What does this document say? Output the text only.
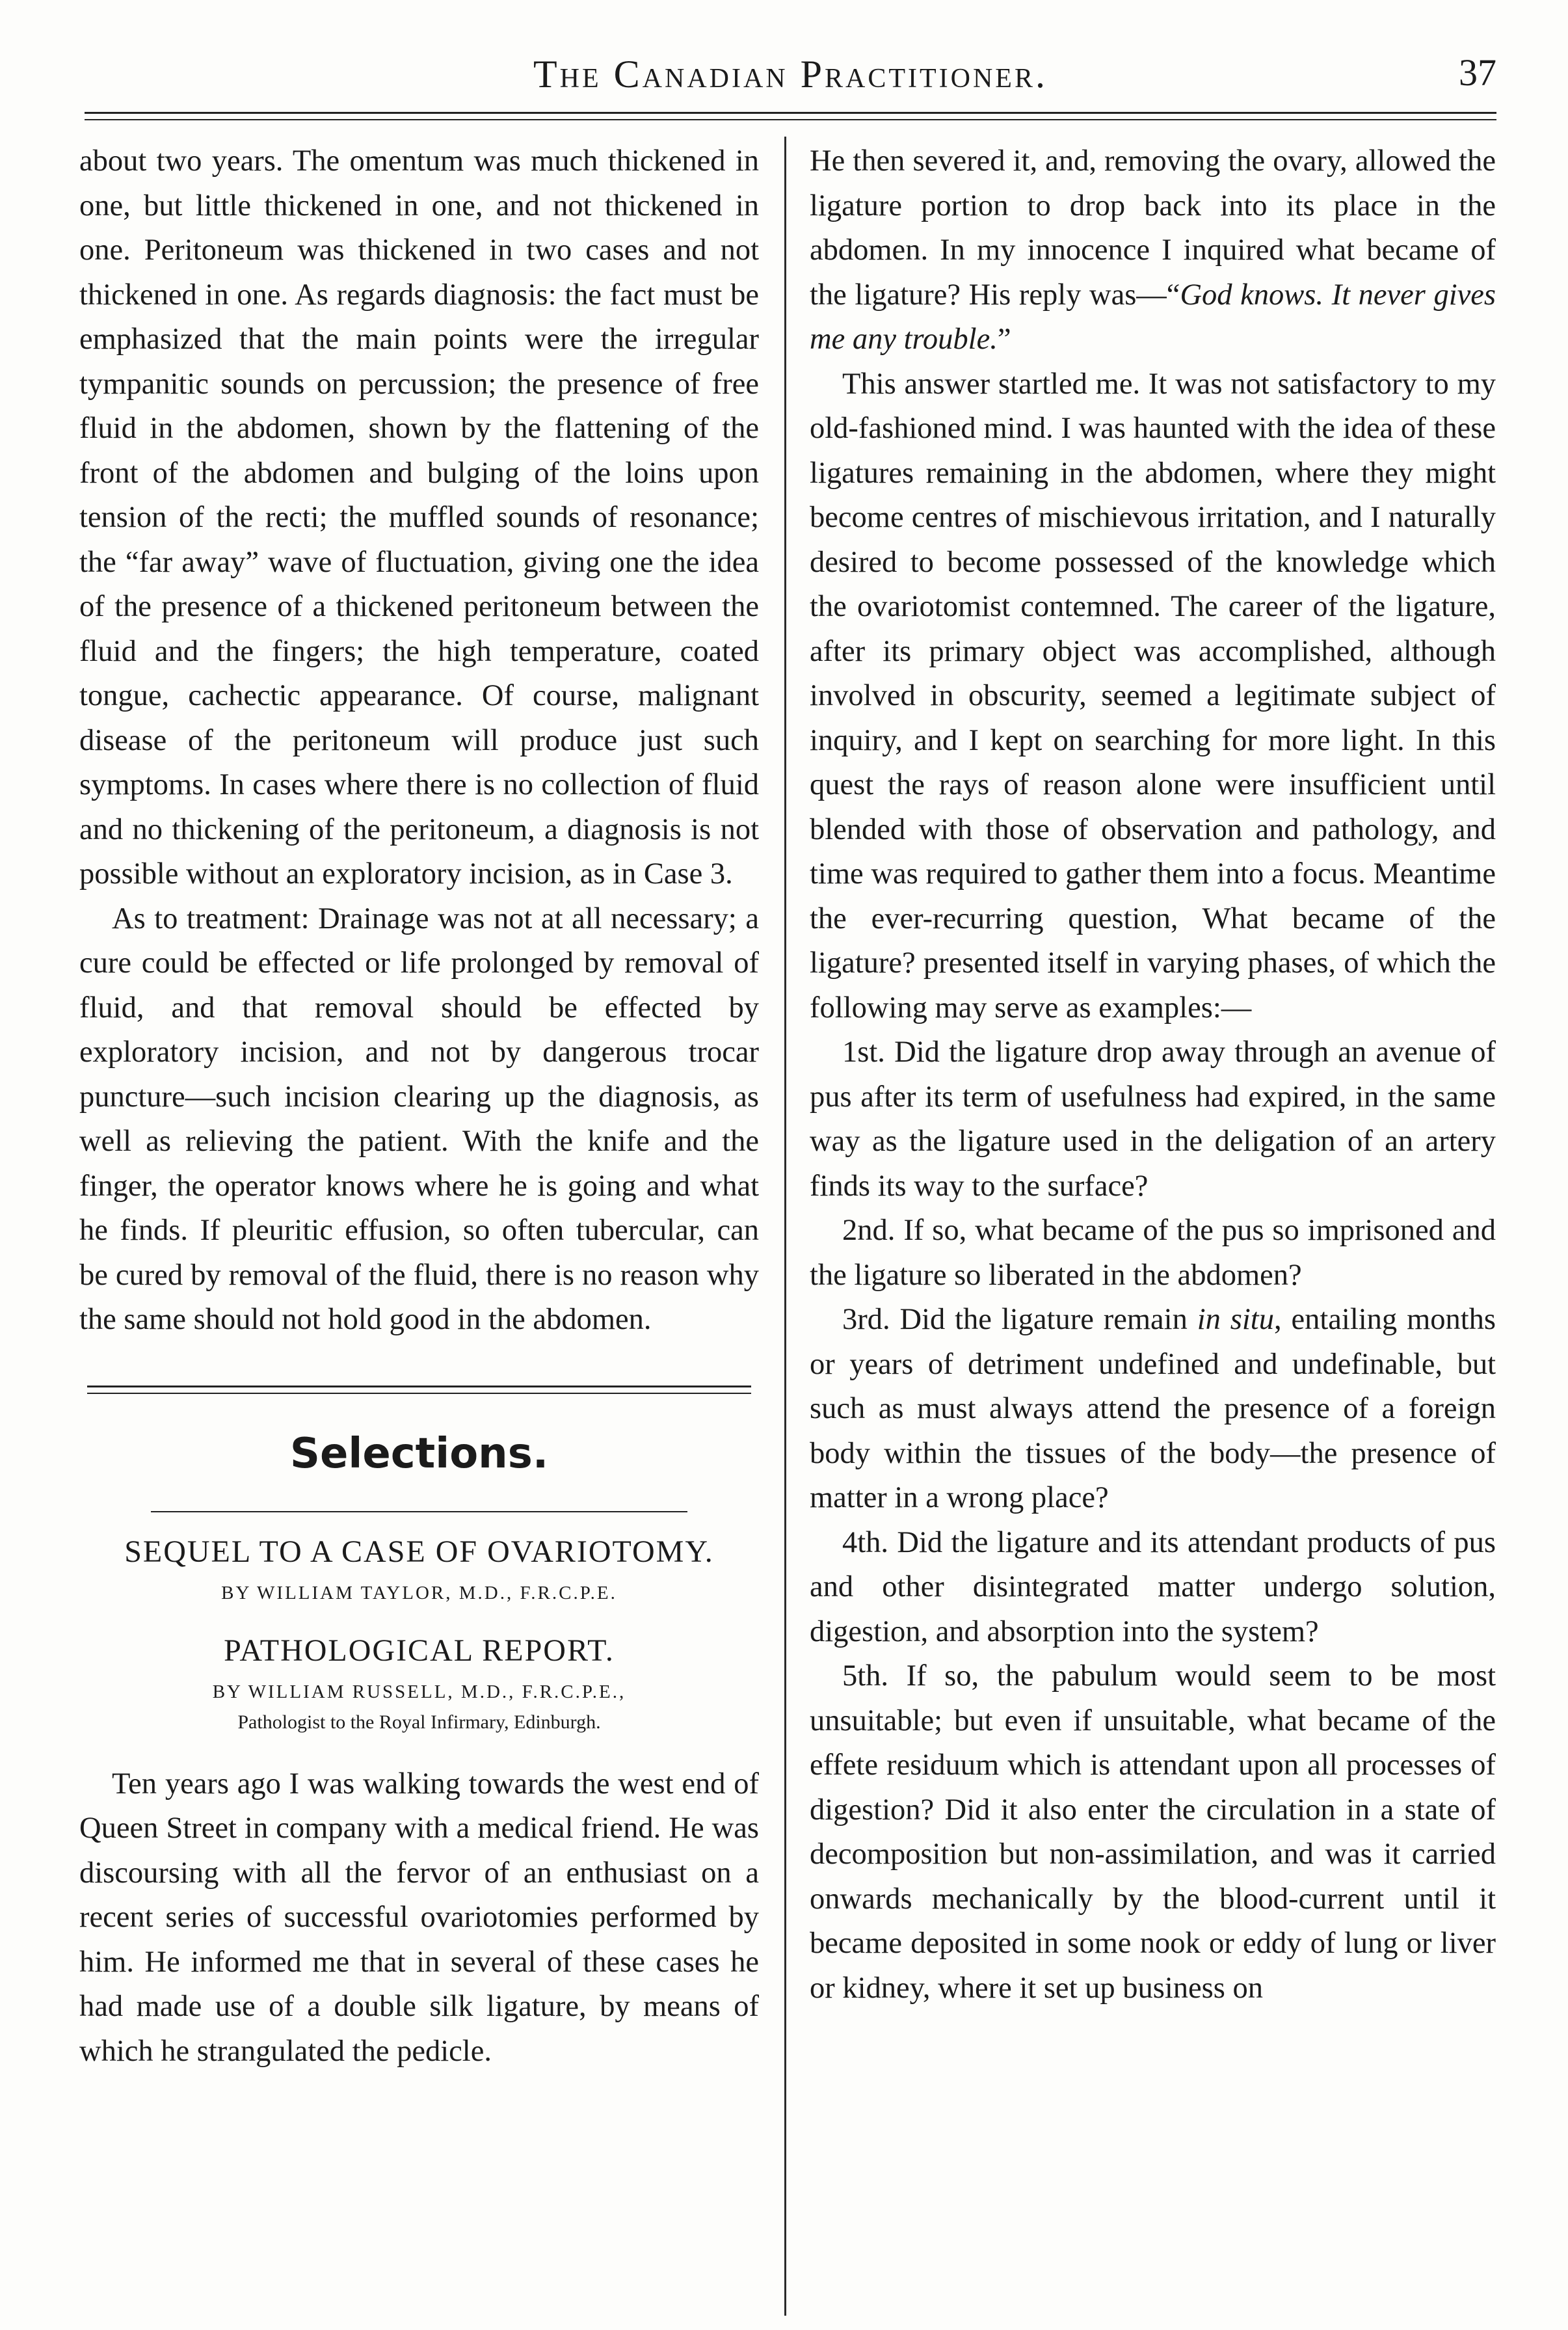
The Canadian Practitioner.	37

about two years. The omentum was much thickened in one, but little thickened in one, and not thickened in one. Peritoneum was thickened in two cases and not thickened in one. As regards diagnosis: the fact must be emphasized that the main points were the irregular tympanitic sounds on percussion; the presence of free fluid in the abdomen, shown by the flattening of the front of the abdomen and bulging of the loins upon tension of the recti; the muffled sounds of resonance; the “far away” wave of fluctuation, giving one the idea of the presence of a thickened peritoneum between the fluid and the fingers; the high temperature, coated tongue, cachectic appearance. Of course, malignant disease of the peritoneum will produce just such symptoms. In cases where there is no collection of fluid and no thickening of the peritoneum, a diagnosis is not possible without an exploratory incision, as in Case 3.

As to treatment: Drainage was not at all necessary; a cure could be effected or life prolonged by removal of fluid, and that removal should be effected by exploratory incision, and not by dangerous trocar puncture—such incision clearing up the diagnosis, as well as relieving the patient. With the knife and the finger, the operator knows where he is going and what he finds. If pleuritic effusion, so often tubercular, can be cured by removal of the fluid, there is no reason why the same should not hold good in the abdomen.

Selections.
SEQUEL TO A CASE OF OVARIOTOMY.
BY WILLIAM TAYLOR, M.D., F.R.C.P.E.
PATHOLOGICAL REPORT.
BY WILLIAM RUSSELL, M.D., F.R.C.P.E.,
Pathologist to the Royal Infirmary, Edinburgh.

Ten years ago I was walking towards the west end of Queen Street in company with a medical friend. He was discoursing with all the fervor of an enthusiast on a recent series of successful ovariotomies performed by him. He informed me that in several of these cases he had made use of a double silk ligature, by means of which he strangulated the pedicle.

He then severed it, and, removing the ovary, allowed the ligature portion to drop back into its place in the abdomen. In my innocence I inquired what became of the ligature? His reply was—“God knows. It never gives me any trouble.”

This answer startled me. It was not satisfactory to my old-fashioned mind. I was haunted with the idea of these ligatures remaining in the abdomen, where they might become centres of mischievous irritation, and I naturally desired to become possessed of the knowledge which the ovariotomist contemned. The career of the ligature, after its primary object was accomplished, although involved in obscurity, seemed a legitimate subject of inquiry, and I kept on searching for more light. In this quest the rays of reason alone were insufficient until blended with those of observation and pathology, and time was required to gather them into a focus. Meantime the ever-recurring question, What became of the ligature? presented itself in varying phases, of which the following may serve as examples:—

1st. Did the ligature drop away through an avenue of pus after its term of usefulness had expired, in the same way as the ligature used in the deligation of an artery finds its way to the surface?

2nd. If so, what became of the pus so imprisoned and the ligature so liberated in the abdomen?

3rd. Did the ligature remain in situ, entailing months or years of detriment undefined and undefinable, but such as must always attend the presence of a foreign body within the tissues of the body—the presence of matter in a wrong place?

4th. Did the ligature and its attendant products of pus and other disintegrated matter undergo solution, digestion, and absorption into the system?

5th. If so, the pabulum would seem to be most unsuitable; but even if unsuitable, what became of the effete residuum which is attendant upon all processes of digestion? Did it also enter the circulation in a state of decomposition but non-assimilation, and was it carried onwards mechanically by the blood-current until it became deposited in some nook or eddy of lung or liver or kidney, where it set up business on
